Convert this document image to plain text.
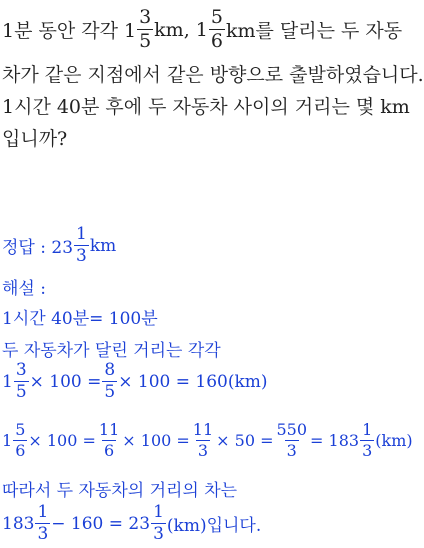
1분 동안 각각 $1 \frac{3}{5}$ km, $1 \frac{5}{6}$ km를 달리는 두 자동
차가 같은 지점에서 같은 방향으로 출발하였습니다.
1시간 40분 후에 두 자동차 사이의 거리는 몇 km
입니까?
정답 : $23 \frac{1}{3}$ km
해설 :
1시간 40분= 100분
두 자동차가 달린 거리는 각각
$1 \frac{3}{5} \times 100 = \frac{8}{5} \times 100 = 160(km)$
$1 \frac{5}{6} \times 100 = \frac{11}{6} \times 100 = \frac{11}{3} \times 50 = \frac{550}{3} = 183 \frac{1}{3} (km)$
따라서 두 자동차의 거리의 차는
$183 \frac{1}{3} - 160 = 23 \frac{1}{3} (km)$입니다.
